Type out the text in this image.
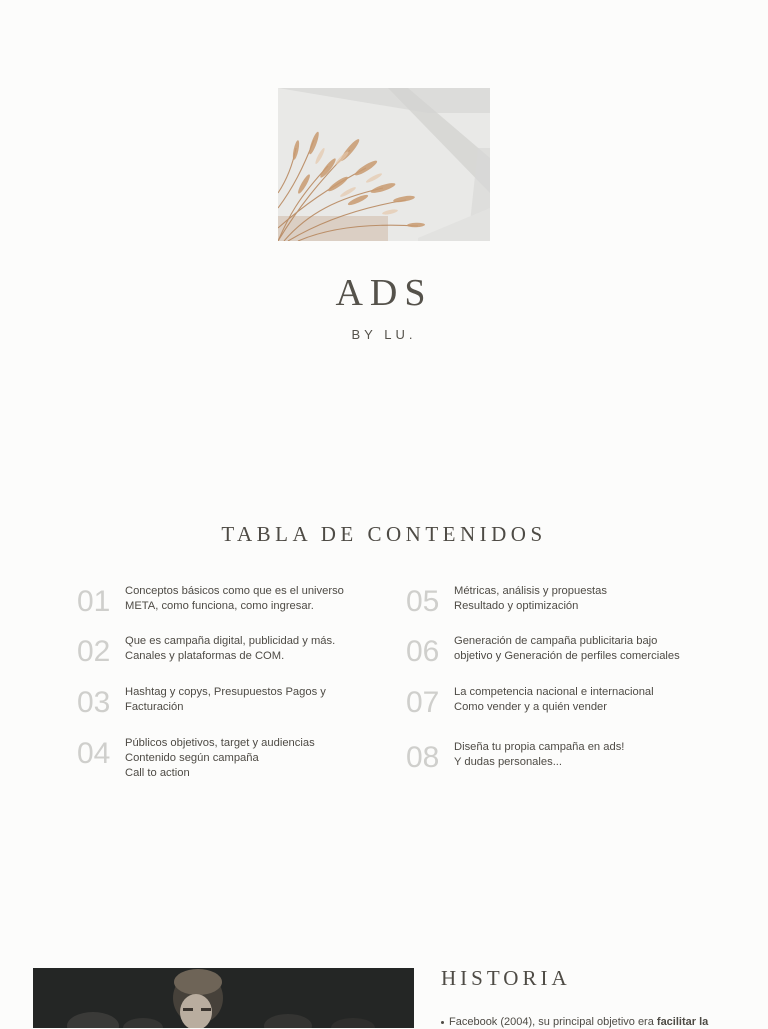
ADS
BY LU.
TABLA DE CONTENIDOS
01	Conceptos básicos como que es el universo
META, como funciona, como ingresar.
02	Que es campaña digital, publicidad y más.
Canales y plataformas de COM.
03	Hashtag y copys, Presupuestos Pagos y
Facturación
04	Públicos objetivos, target y audiencias
Contenido según campaña
Call to action
05	Métricas, análisis y propuestas
Resultado y optimización
06	Generación de campaña publicitaria bajo
objetivo y Generación de perfiles comerciales
07	La competencia nacional e internacional
Como vender y a quién vender
08	Diseña tu propia campaña en ads!
Y dudas personales...
HISTORIA
Facebook (2004), su principal objetivo era facilitar la
